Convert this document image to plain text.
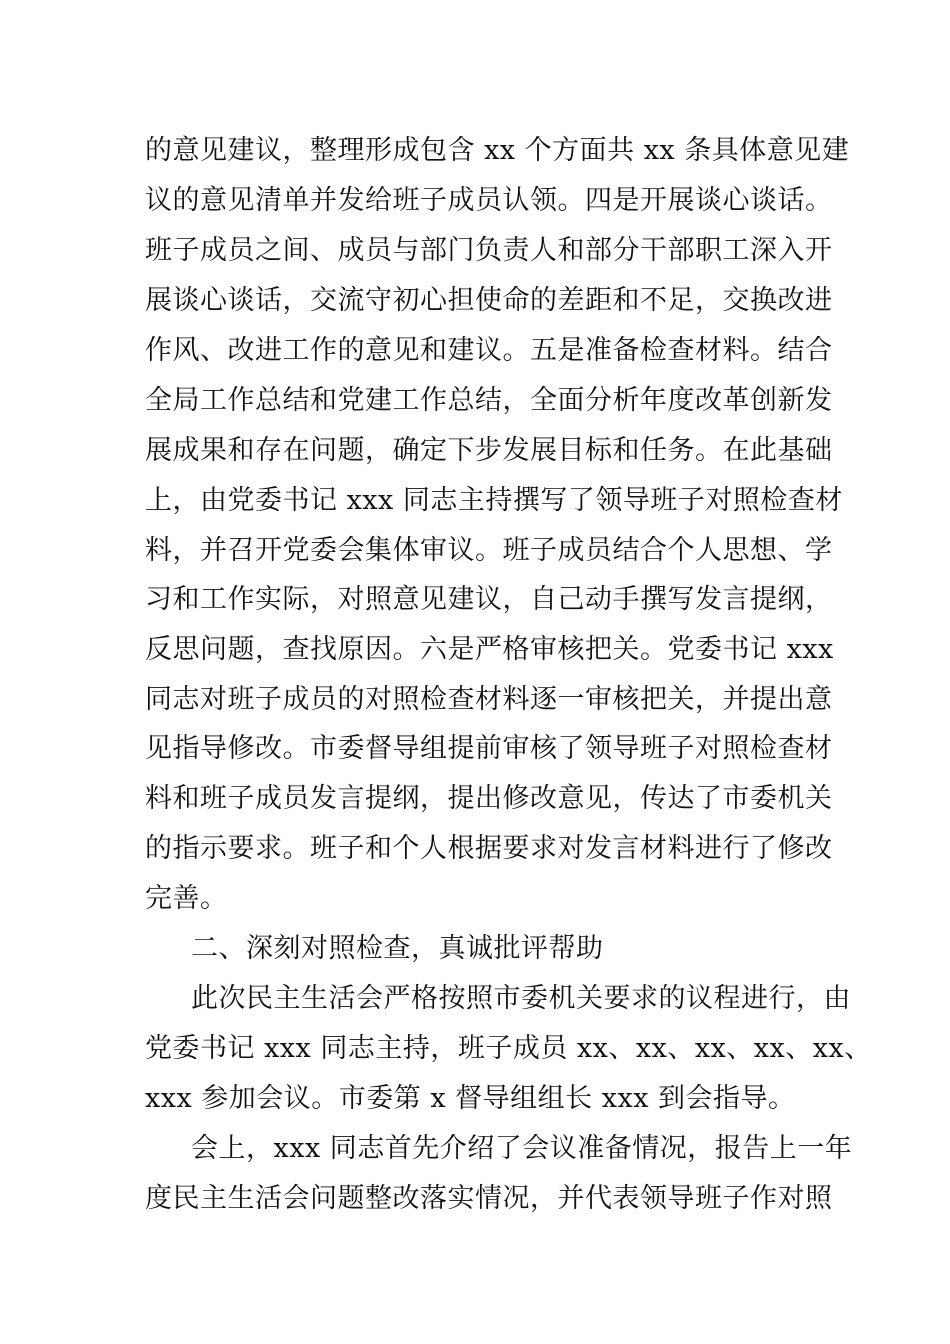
的意见建议，整理形成包含 xx 个方面共 xx 条具体意见建
议的意见清单并发给班子成员认领。四是开展谈心谈话。
班子成员之间、成员与部门负责人和部分干部职工深入开
展谈心谈话，交流守初心担使命的差距和不足，交换改进
作风、改进工作的意见和建议。五是准备检查材料。结合
全局工作总结和党建工作总结，全面分析年度改革创新发
展成果和存在问题，确定下步发展目标和任务。在此基础
上，由党委书记 xxx 同志主持撰写了领导班子对照检查材
料，并召开党委会集体审议。班子成员结合个人思想、学
习和工作实际，对照意见建议，自己动手撰写发言提纲，
反思问题，查找原因。六是严格审核把关。党委书记 xxx
同志对班子成员的对照检查材料逐一审核把关，并提出意
见指导修改。市委督导组提前审核了领导班子对照检查材
料和班子成员发言提纲，提出修改意见，传达了市委机关
的指示要求。班子和个人根据要求对发言材料进行了修改
完善。
二、深刻对照检查，真诚批评帮助
此次民主生活会严格按照市委机关要求的议程进行，由
党委书记 xxx 同志主持，班子成员 xx、xx、xx、xx、xx、
xxx 参加会议。市委第 x 督导组组长 xxx 到会指导。
会上，xxx 同志首先介绍了会议准备情况，报告上一年
度民主生活会问题整改落实情况，并代表领导班子作对照
